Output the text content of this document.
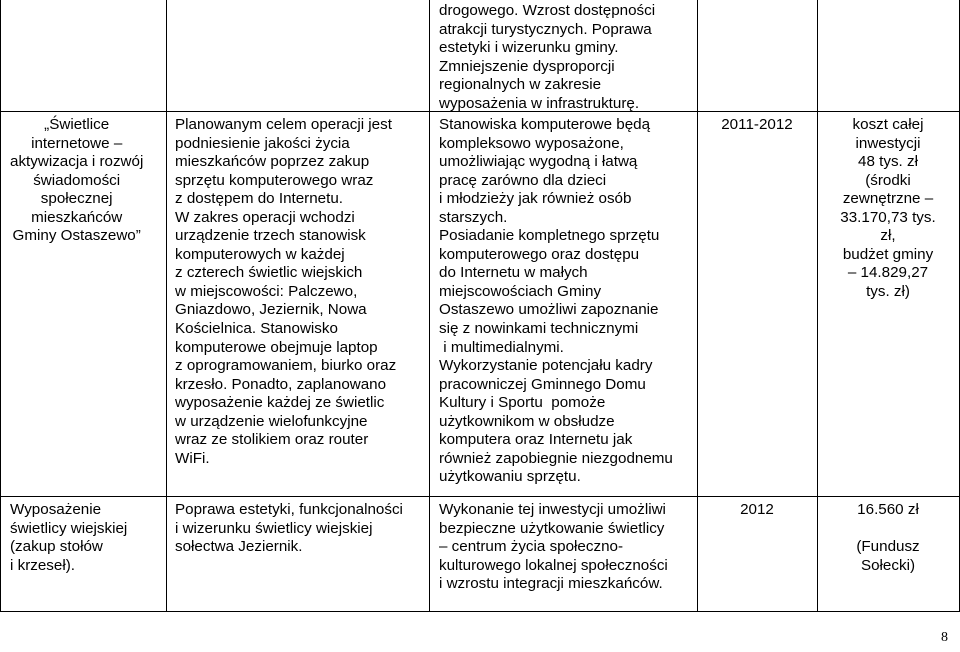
drogowego. Wzrost dostępności
atrakcji turystycznych. Poprawa
estetyki i wizerunku gminy.
Zmniejszenie dysproporcji
regionalnych w zakresie
wyposażenia w infrastrukturę.
„Świetlice
internetowe –
aktywizacja i rozwój
świadomości
społecznej
mieszkańców
Gminy Ostaszewo”
Planowanym celem operacji jest
podniesienie jakości życia
mieszkańców poprzez zakup
sprzętu komputerowego wraz
z dostępem do Internetu.
W zakres operacji wchodzi
urządzenie trzech stanowisk
komputerowych w każdej
z czterech świetlic wiejskich
w miejscowości: Palczewo,
Gniazdowo, Jeziernik, Nowa
Kościelnica. Stanowisko
komputerowe obejmuje laptop
z oprogramowaniem, biurko oraz
krzesło. Ponadto, zaplanowano
wyposażenie każdej ze świetlic
w urządzenie wielofunkcyjne
wraz ze stolikiem oraz router
WiFi.
Stanowiska komputerowe będą
kompleksowo wyposażone,
umożliwiając wygodną i łatwą
pracę zarówno dla dzieci
i młodzieży jak również osób
starszych.
Posiadanie kompletnego sprzętu
komputerowego oraz dostępu
do Internetu w małych
miejscowościach Gminy
Ostaszewo umożliwi zapoznanie
się z nowinkami technicznymi
i multimedialnymi.
Wykorzystanie potencjału kadry
pracowniczej Gminnego Domu
Kultury i Sportu  pomoże
użytkownikom w obsłudze
komputera oraz Internetu jak
również zapobiegnie niezgodnemu
użytkowaniu sprzętu.
2011-2012	koszt całej
inwestycji
48 tys. zł
(środki
zewnętrzne –
33.170,73 tys.
zł,
budżet gminy
– 14.829,27
tys. zł)
Wyposażenie
świetlicy wiejskiej
(zakup stołów
i krzeseł).
Poprawa estetyki, funkcjonalności
i wizerunku świetlicy wiejskiej
sołectwa Jeziernik.
Wykonanie tej inwestycji umożliwi
bezpieczne użytkowanie świetlicy
– centrum życia społeczno-
kulturowego lokalnej społeczności
i wzrostu integracji mieszkańców.
2012	16.560 zł

(Fundusz
Sołecki)
8
